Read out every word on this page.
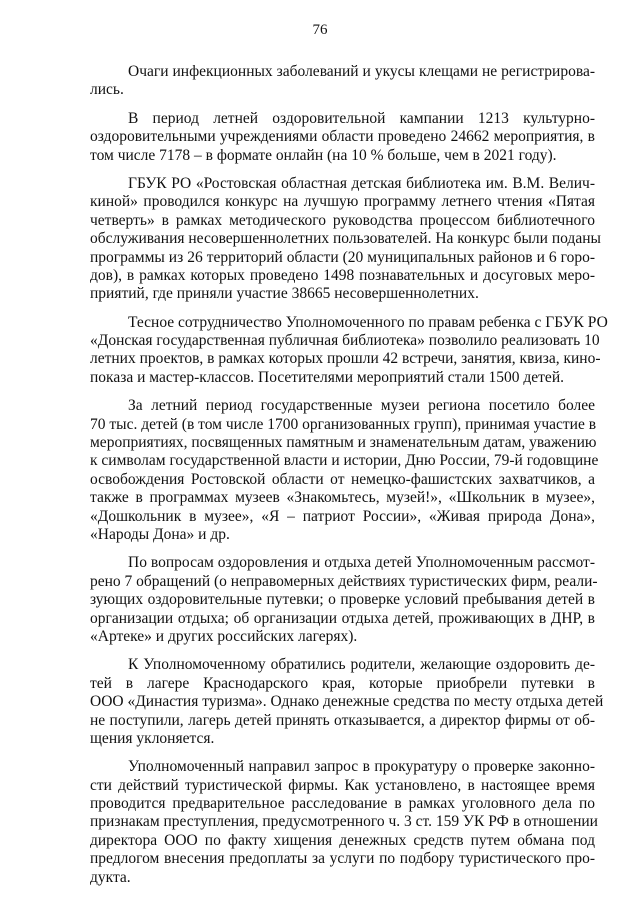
76
Очаги инфекционных заболеваний и укусы клещами не регистрирова-
лись.
В период летней оздоровительной кампании 1213 культурно-
оздоровительными учреждениями области проведено 24662 мероприятия, в
том числе 7178 – в формате онлайн (на 10 % больше, чем в 2021 году).
ГБУК РО «Ростовская областная детская библиотека им. В.М. Велич-
киной» проводился конкурс на лучшую программу летнего чтения «Пятая
четверть» в рамках методического руководства процессом библиотечного
обслуживания несовершеннолетних пользователей. На конкурс были поданы
программы из 26 территорий области (20 муниципальных районов и 6 горо-
дов), в рамках которых проведено 1498 познавательных и досуговых меро-
приятий, где приняли участие 38665 несовершеннолетних.
Тесное сотрудничество Уполномоченного по правам ребенка с ГБУК РО
«Донская государственная публичная библиотека» позволило реализовать 10
летних проектов, в рамках которых прошли 42 встречи, занятия, квиза, кино-
показа и мастер-классов. Посетителями мероприятий стали 1500 детей.
За летний период государственные музеи региона посетило более
70 тыс. детей (в том числе 1700 организованных групп), принимая участие в
мероприятиях, посвященных памятным и знаменательным датам, уважению
к символам государственной власти и истории, Дню России, 79-й годовщине
освобождения Ростовской области от немецко-фашистских захватчиков, а
также в программах музеев «Знакомьтесь, музей!», «Школьник в музее»,
«Дошкольник в музее», «Я – патриот России», «Живая природа Дона»,
«Народы Дона» и др.
По вопросам оздоровления и отдыха детей Уполномоченным рассмот-
рено 7 обращений (о неправомерных действиях туристических фирм, реали-
зующих оздоровительные путевки; о проверке условий пребывания детей в
организации отдыха; об организации отдыха детей, проживающих в ДНР, в
«Артеке» и других российских лагерях).
К Уполномоченному обратились родители, желающие оздоровить де-
тей в лагере Краснодарского края, которые приобрели путевки в
ООО «Династия туризма». Однако денежные средства по месту отдыха детей
не поступили, лагерь детей принять отказывается, а директор фирмы от об-
щения уклоняется.
Уполномоченный направил запрос в прокуратуру о проверке законно-
сти действий туристической фирмы. Как установлено, в настоящее время
проводится предварительное расследование в рамках уголовного дела по
признакам преступления, предусмотренного ч. 3 ст. 159 УК РФ в отношении
директора ООО по факту хищения денежных средств путем обмана под
предлогом внесения предоплаты за услуги по подбору туристического про-
дукта.
